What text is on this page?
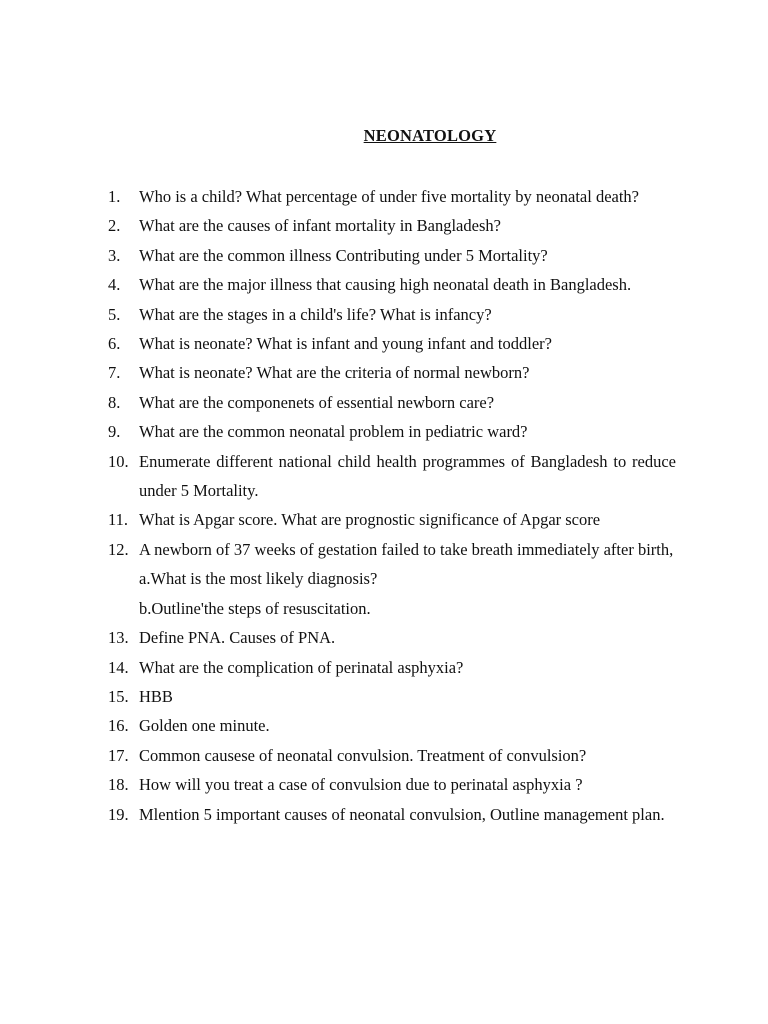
NEONATOLOGY
1. Who is a child? What percentage of under five mortality by neonatal death?
2. What are the causes of infant mortality in Bangladesh?
3. What are the common illness Contributing under 5 Mortality?
4. What are the major illness that causing high neonatal death in Bangladesh.
5. What are the stages in a child's life? What is infancy?
6. What is neonate? What is infant and young infant and toddler?
7. What is neonate? What are the criteria of normal newborn?
8. What are the componenets of essential newborn care?
9. What are the common neonatal problem in pediatric ward?
10. Enumerate different national child health programmes of Bangladesh to reduce under 5 Mortality.
11. What is Apgar score. What are prognostic significance of Apgar score
12. A newborn of 37 weeks of gestation failed to take breath immediately after birth,
a.What is the most likely diagnosis?
b.Outline'the steps of resuscitation.
13. Define PNA. Causes of PNA.
14. What are the complication of perinatal asphyxia?
15. HBB
16. Golden one minute.
17. Common causese of neonatal convulsion. Treatment of convulsion?
18. How will you treat a case of convulsion due to perinatal asphyxia ?
19. Mlention 5 important causes of neonatal convulsion, Outline management plan.
